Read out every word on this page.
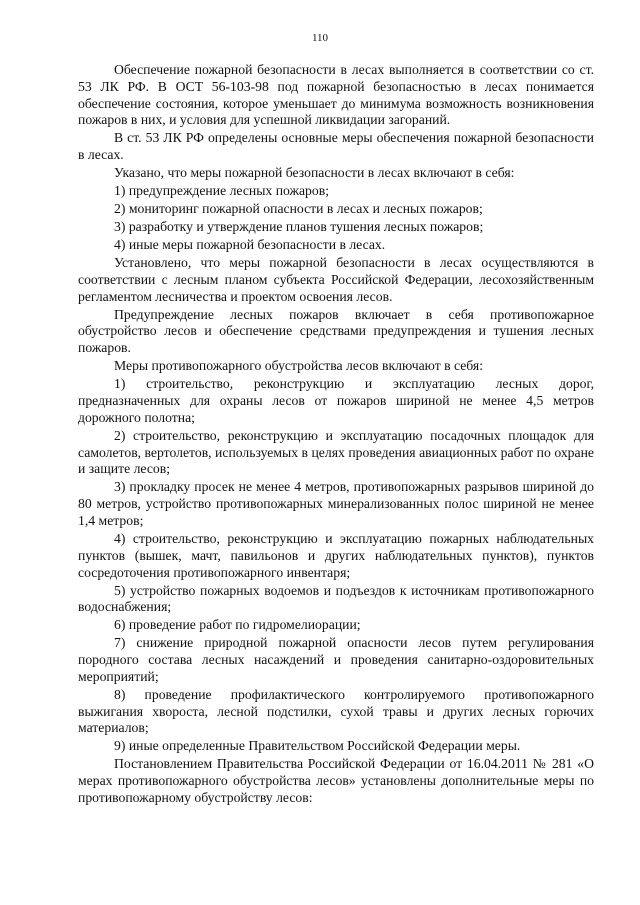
110

Обеспечение пожарной безопасности в лесах выполняется в соответствии со ст. 53 ЛК РФ. В ОСТ 56-103-98 под пожарной безопасностью в лесах понимается обеспечение состояния, которое уменьшает до минимума возможность возникновения пожаров в них, и условия для успешной ликвидации загораний.

В ст. 53 ЛК РФ определены основные меры обеспечения пожарной безопасности в лесах.

Указано, что меры пожарной безопасности в лесах включают в себя:

1) предупреждение лесных пожаров;

2) мониторинг пожарной опасности в лесах и лесных пожаров;

3) разработку и утверждение планов тушения лесных пожаров;

4) иные меры пожарной безопасности в лесах.

Установлено, что меры пожарной безопасности в лесах осуществляются в соответствии с лесным планом субъекта Российской Федерации, лесохозяйственным регламентом лесничества и проектом освоения лесов.

Предупреждение лесных пожаров включает в себя противопожарное обустройство лесов и обеспечение средствами предупреждения и тушения лесных пожаров.

Меры противопожарного обустройства лесов включают в себя:

1) строительство, реконструкцию и эксплуатацию лесных дорог, предназначенных для охраны лесов от пожаров шириной не менее 4,5 метров дорожного полотна;

2) строительство, реконструкцию и эксплуатацию посадочных площадок для самолетов, вертолетов, используемых в целях проведения авиационных работ по охране и защите лесов;

3) прокладку просек не менее 4 метров, противопожарных разрывов шириной до 80 метров, устройство противопожарных минерализованных полос шириной не менее 1,4 метров;

4) строительство, реконструкцию и эксплуатацию пожарных наблюдательных пунктов (вышек, мачт, павильонов и других наблюдательных пунктов), пунктов сосредоточения противопожарного инвентаря;

5) устройство пожарных водоемов и подъездов к источникам противопожарного водоснабжения;

6) проведение работ по гидромелиорации;

7) снижение природной пожарной опасности лесов путем регулирования породного состава лесных насаждений и проведения санитарно-оздоровительных мероприятий;

8) проведение профилактического контролируемого противопожарного выжигания хвороста, лесной подстилки, сухой травы и других лесных горючих материалов;

9) иные определенные Правительством Российской Федерации меры.

Постановлением Правительства Российской Федерации от 16.04.2011 № 281 «О мерах противопожарного обустройства лесов» установлены дополнительные меры по противопожарному обустройству лесов:
